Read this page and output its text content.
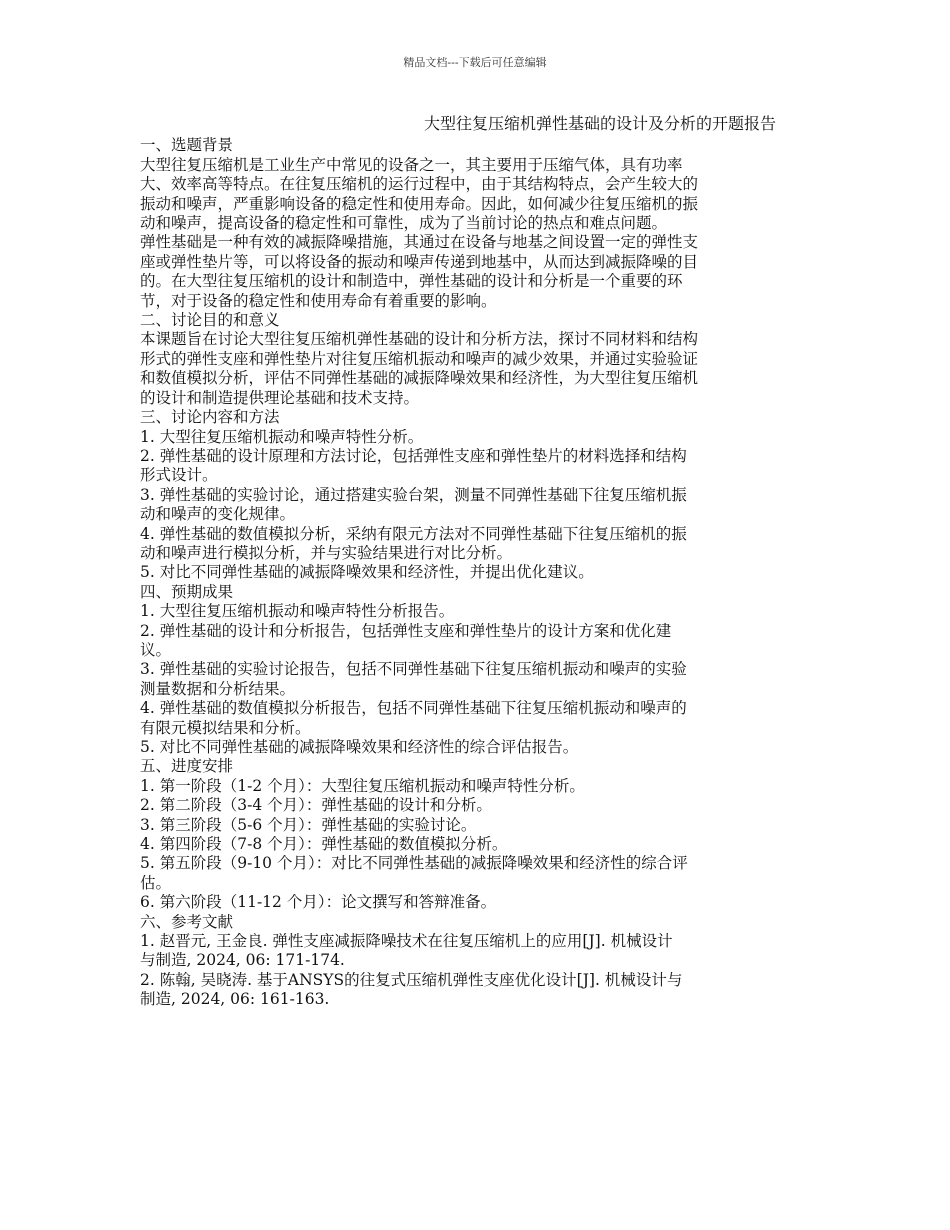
精品文档---下载后可任意编辑
大型往复压缩机弹性基础的设计及分析的开题报告

一、选题背景

大型往复压缩机是工业生产中常见的设备之一，其主要用于压缩气体，具有功率
大、效率高等特点。在往复压缩机的运行过程中，由于其结构特点，会产生较大的
振动和噪声，严重影响设备的稳定性和使用寿命。因此，如何减少往复压缩机的振
动和噪声，提高设备的稳定性和可靠性，成为了当前讨论的热点和难点问题。

弹性基础是一种有效的减振降噪措施，其通过在设备与地基之间设置一定的弹性支
座或弹性垫片等，可以将设备的振动和噪声传递到地基中，从而达到减振降噪的目
的。在大型往复压缩机的设计和制造中，弹性基础的设计和分析是一个重要的环
节，对于设备的稳定性和使用寿命有着重要的影响。

二、讨论目的和意义

本课题旨在讨论大型往复压缩机弹性基础的设计和分析方法，探讨不同材料和结构
形式的弹性支座和弹性垫片对往复压缩机振动和噪声的减少效果，并通过实验验证
和数值模拟分析，评估不同弹性基础的减振降噪效果和经济性，为大型往复压缩机
的设计和制造提供理论基础和技术支持。

三、讨论内容和方法

1. 大型往复压缩机振动和噪声特性分析。

2. 弹性基础的设计原理和方法讨论，包括弹性支座和弹性垫片的材料选择和结构
形式设计。

3. 弹性基础的实验讨论，通过搭建实验台架，测量不同弹性基础下往复压缩机振
动和噪声的变化规律。

4. 弹性基础的数值模拟分析，采纳有限元方法对不同弹性基础下往复压缩机的振
动和噪声进行模拟分析，并与实验结果进行对比分析。

5. 对比不同弹性基础的减振降噪效果和经济性，并提出优化建议。

四、预期成果

1. 大型往复压缩机振动和噪声特性分析报告。

2. 弹性基础的设计和分析报告，包括弹性支座和弹性垫片的设计方案和优化建
议。

3. 弹性基础的实验讨论报告，包括不同弹性基础下往复压缩机振动和噪声的实验
测量数据和分析结果。

4. 弹性基础的数值模拟分析报告，包括不同弹性基础下往复压缩机振动和噪声的
有限元模拟结果和分析。

5. 对比不同弹性基础的减振降噪效果和经济性的综合评估报告。

五、进度安排

1. 第一阶段（1-2 个月）：大型往复压缩机振动和噪声特性分析。

2. 第二阶段（3-4 个月）：弹性基础的设计和分析。

3. 第三阶段（5-6 个月）：弹性基础的实验讨论。

4. 第四阶段（7-8 个月）：弹性基础的数值模拟分析。

5. 第五阶段（9-10 个月）：对比不同弹性基础的减振降噪效果和经济性的综合评
估。

6. 第六阶段（11-12 个月）：论文撰写和答辩准备。

六、参考文献

1. 赵晋元, 王金良. 弹性支座减振降噪技术在往复压缩机上的应用[J]. 机械设计
与制造, 2024, 06: 171-174.

2. 陈翰, 吴晓涛. 基于ANSYS的往复式压缩机弹性支座优化设计[J]. 机械设计与
制造, 2024, 06: 161-163.
